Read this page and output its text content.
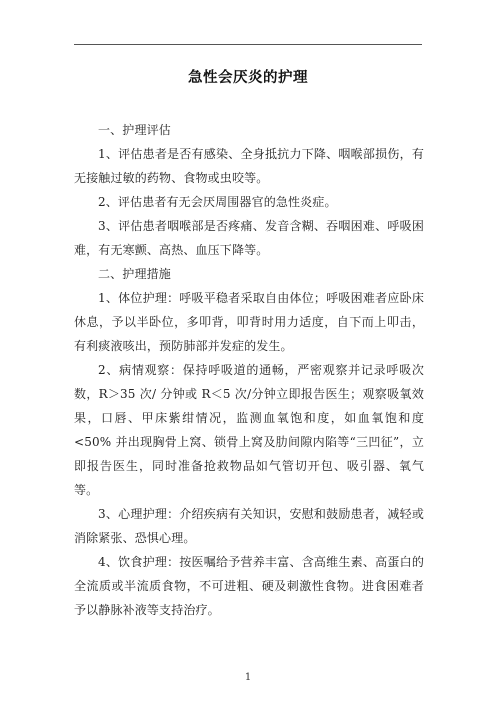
急性会厌炎的护理

一、护理评估

1、评估患者是否有感染、全身抵抗力下降、咽喉部损伤，有无接触过敏的药物、食物或虫咬等。

2、评估患者有无会厌周围器官的急性炎症。

3、评估患者咽喉部是否疼痛、发音含糊、吞咽困难、呼吸困难，有无寒颤、高热、血压下降等。

二、护理措施

1、体位护理：呼吸平稳者采取自由体位；呼吸困难者应卧床休息，予以半卧位，多叩背，叩背时用力适度，自下而上叩击，有利痰液咳出，预防肺部并发症的发生。

2、病情观察：保持呼吸道的通畅，严密观察并记录呼吸次数，R＞35 次/ 分钟或 R＜5 次/分钟立即报告医生；观察吸氧效果，口唇、甲床紫绀情况，监测血氧饱和度，如血氧饱和度<50% 并出现胸骨上窝、锁骨上窝及肋间隙内陷等“三凹征”，立即报告医生，同时准备抢救物品如气管切开包、吸引器、氧气等。

3、心理护理：介绍疾病有关知识，安慰和鼓励患者，减轻或消除紧张、恐惧心理。

4、饮食护理：按医嘱给予营养丰富、含高维生素、高蛋白的全流质或半流质食物，不可进粗、硬及刺激性食物。进食困难者予以静脉补液等支持治疗。

1
